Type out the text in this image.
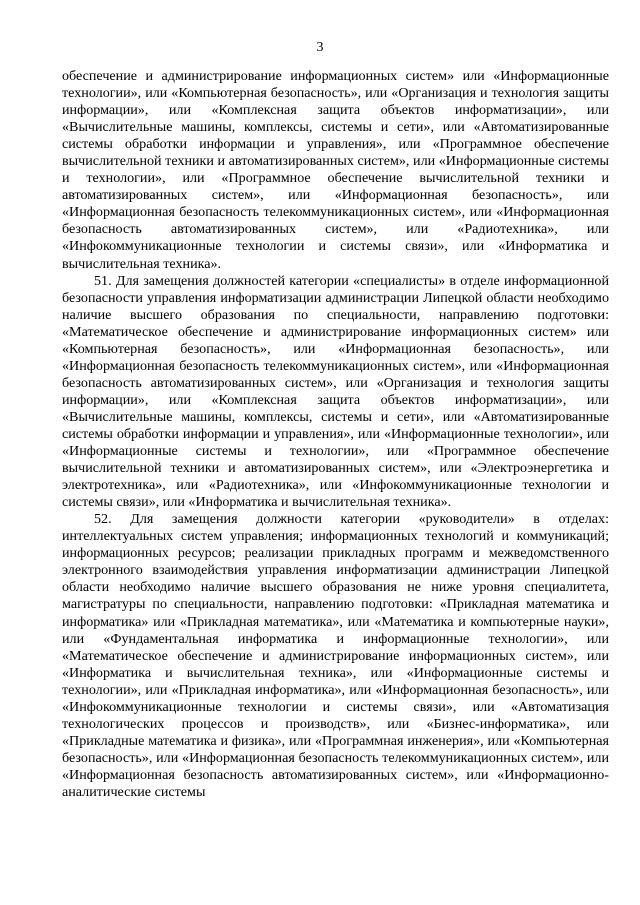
3

обеспечение и администрирование информационных систем» или «Информационные технологии», или «Компьютерная безопасность», или «Организация и технология защиты информации», или «Комплексная защита объектов информатизации», или «Вычислительные машины, комплексы, системы и сети», или «Автоматизированные системы обработки информации и управления», или «Программное обеспечение вычислительной техники и автоматизированных систем», или «Информационные системы и технологии», или «Программное обеспечение вычислительной техники и автоматизированных систем», или «Информационная безопасность», или «Информационная безопасность телекоммуникационных систем», или «Информационная безопасность автоматизированных систем», или «Радиотехника», или «Инфокоммуникационные технологии и системы связи», или «Информатика и вычислительная техника».

51. Для замещения должностей категории «специалисты» в отделе информационной безопасности управления информатизации администрации Липецкой области необходимо наличие высшего образования по специальности, направлению подготовки: «Математическое обеспечение и администрирование информационных систем» или «Компьютерная безопасность», или «Информационная безопасность», или «Информационная безопасность телекоммуникационных систем», или «Информационная безопасность автоматизированных систем», или «Организация и технология защиты информации», или «Комплексная защита объектов информатизации», или «Вычислительные машины, комплексы, системы и сети», или «Автоматизированные системы обработки информации и управления», или «Информационные технологии», или «Информационные системы и технологии», или «Программное обеспечение вычислительной техники и автоматизированных систем», или «Электроэнергетика и электротехника», или «Радиотехника», или «Инфокоммуникационные технологии и системы связи», или «Информатика и вычислительная техника».

52. Для замещения должности категории «руководители» в отделах: интеллектуальных систем управления; информационных технологий и коммуникаций; информационных ресурсов; реализации прикладных программ и межведомственного электронного взаимодействия управления информатизации администрации Липецкой области необходимо наличие высшего образования не ниже уровня специалитета, магистратуры по специальности, направлению подготовки: «Прикладная математика и информатика» или «Прикладная математика», или «Математика и компьютерные науки», или «Фундаментальная информатика и информационные технологии», или «Математическое обеспечение и администрирование информационных систем», или «Информатика и вычислительная техника», или «Информационные системы и технологии», или «Прикладная информатика», или «Информационная безопасность», или «Инфокоммуникационные технологии и системы связи», или «Автоматизация технологических процессов и производств», или «Бизнес-информатика», или «Прикладные математика и физика», или «Программная инженерия», или «Компьютерная безопасность», или «Информационная безопасность телекоммуникационных систем», или «Информационная безопасность автоматизированных систем», или «Информационно-аналитические системы
